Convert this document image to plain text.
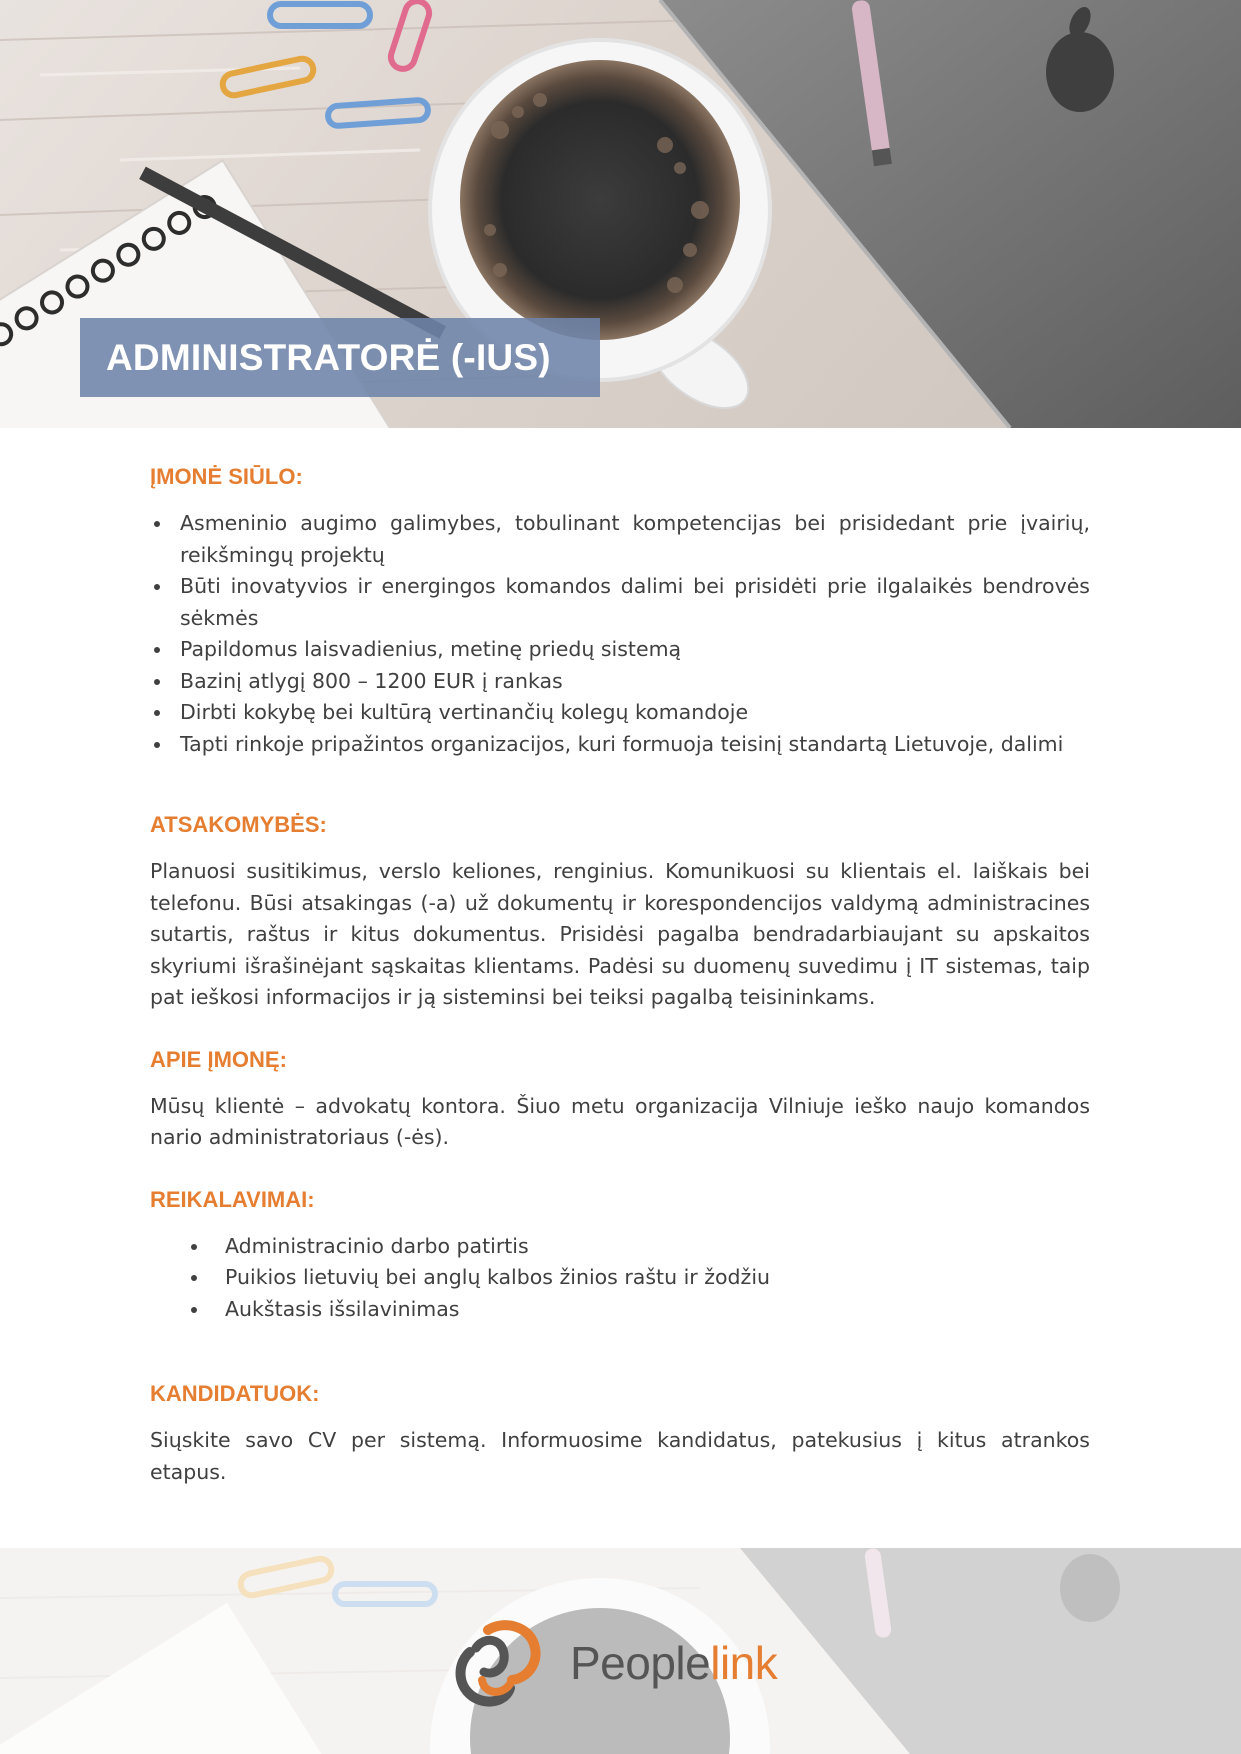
ADMINISTRATORĖ (-IUS)
ĮMONĖ SIŪLO:
Asmeninio augimo galimybes, tobulinant kompetencijas bei prisidedant prie įvairių, reikšmingų projektų
Būti inovatyvios ir energingos komandos dalimi bei prisidėti prie ilgalaikės bendrovės sėkmės
Papildomus laisvadienius, metinę priedų sistemą
Bazinį atlygį 800 – 1200 EUR į rankas
Dirbti kokybę bei kultūrą vertinančių kolegų komandoje
Tapti rinkoje pripažintos organizacijos, kuri formuoja teisinį standartą Lietuvoje, dalimi
ATSAKOMYBĖS:

Planuosi susitikimus, verslo keliones, renginius. Komunikuosi su klientais el. laiškais bei telefonu. Būsi atsakingas (-a) už dokumentų ir korespondencijos valdymą administracines sutartis, raštus ir kitus dokumentus. Prisidėsi pagalba bendradarbiaujant su apskaitos skyriumi išrašinėjant sąskaitas klientams. Padėsi su duomenų suvedimu į IT sistemas, taip pat ieškosi informacijos ir ją sisteminsi bei teiksi pagalbą teisininkams.

APIE ĮMONĘ:

Mūsų klientė – advokatų kontora. Šiuo metu organizacija Vilniuje ieško naujo komandos nario administratoriaus (-ės).

REIKALAVIMAI:
Administracinio darbo patirtis
Puikios lietuvių bei anglų kalbos žinios raštu ir žodžiu
Aukštasis išsilavinimas
KANDIDATUOK:

Siųskite savo CV per sistemą. Informuosime kandidatus, patekusius į kitus atrankos etapus.

Peoplelink
